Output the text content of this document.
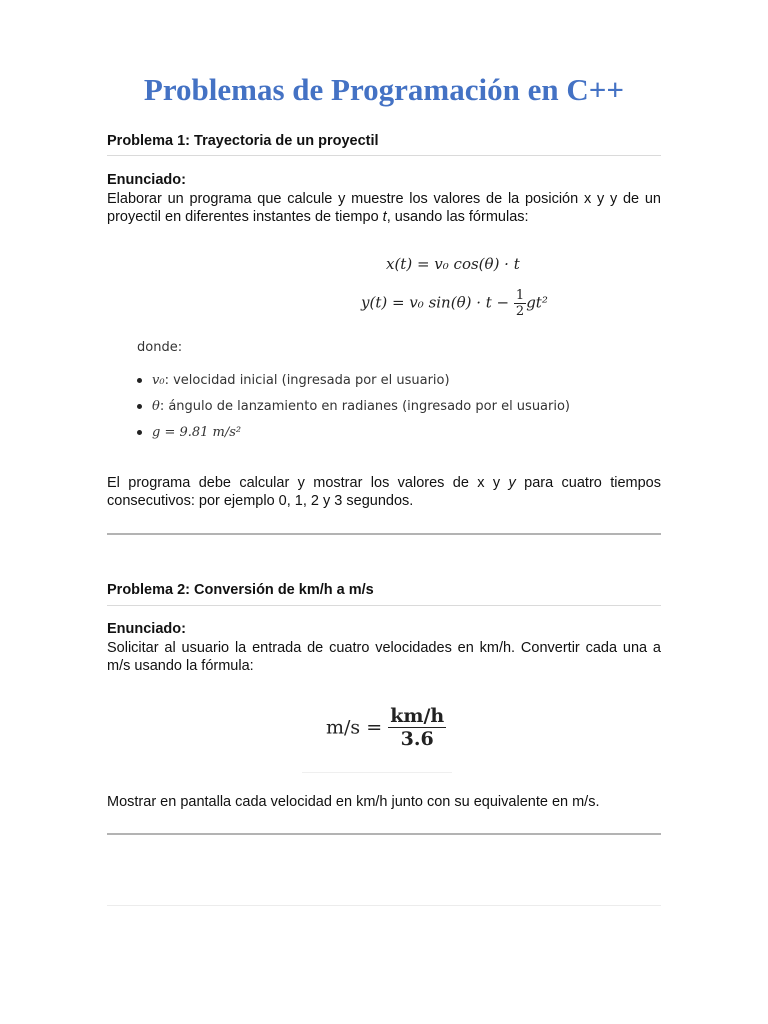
Problemas de Programación en C++
Problema 1: Trayectoria de un proyectil
Enunciado:
Elaborar un programa que calcule y muestre los valores de la posición x y y de un
proyectil en diferentes instantes de tiempo t, usando las fórmulas:
x(t) = v₀ cos(θ) · t
y(t) = v₀ $\sin(\theta) \cdot t - \frac{1}{2} gt^2$
donde:
v₀: velocidad inicial (ingresada por el usuario)
θ: ángulo de lanzamiento en radianes (ingresado por el usuario)
g = 9.81 m/s²
El programa debe calcular y mostrar los valores de x y y para cuatro tiempos
consecutivos: por ejemplo 0, 1, 2 y 3 segundos.
Problema 2: Conversión de km/h a m/s
Enunciado:
Solicitar al usuario la entrada de cuatro velocidades en km/h. Convertir cada una a
m/s usando la fórmula:
$m/s = \frac{km/h}{3.6}$
Mostrar en pantalla cada velocidad en km/h junto con su equivalente en m/s.
